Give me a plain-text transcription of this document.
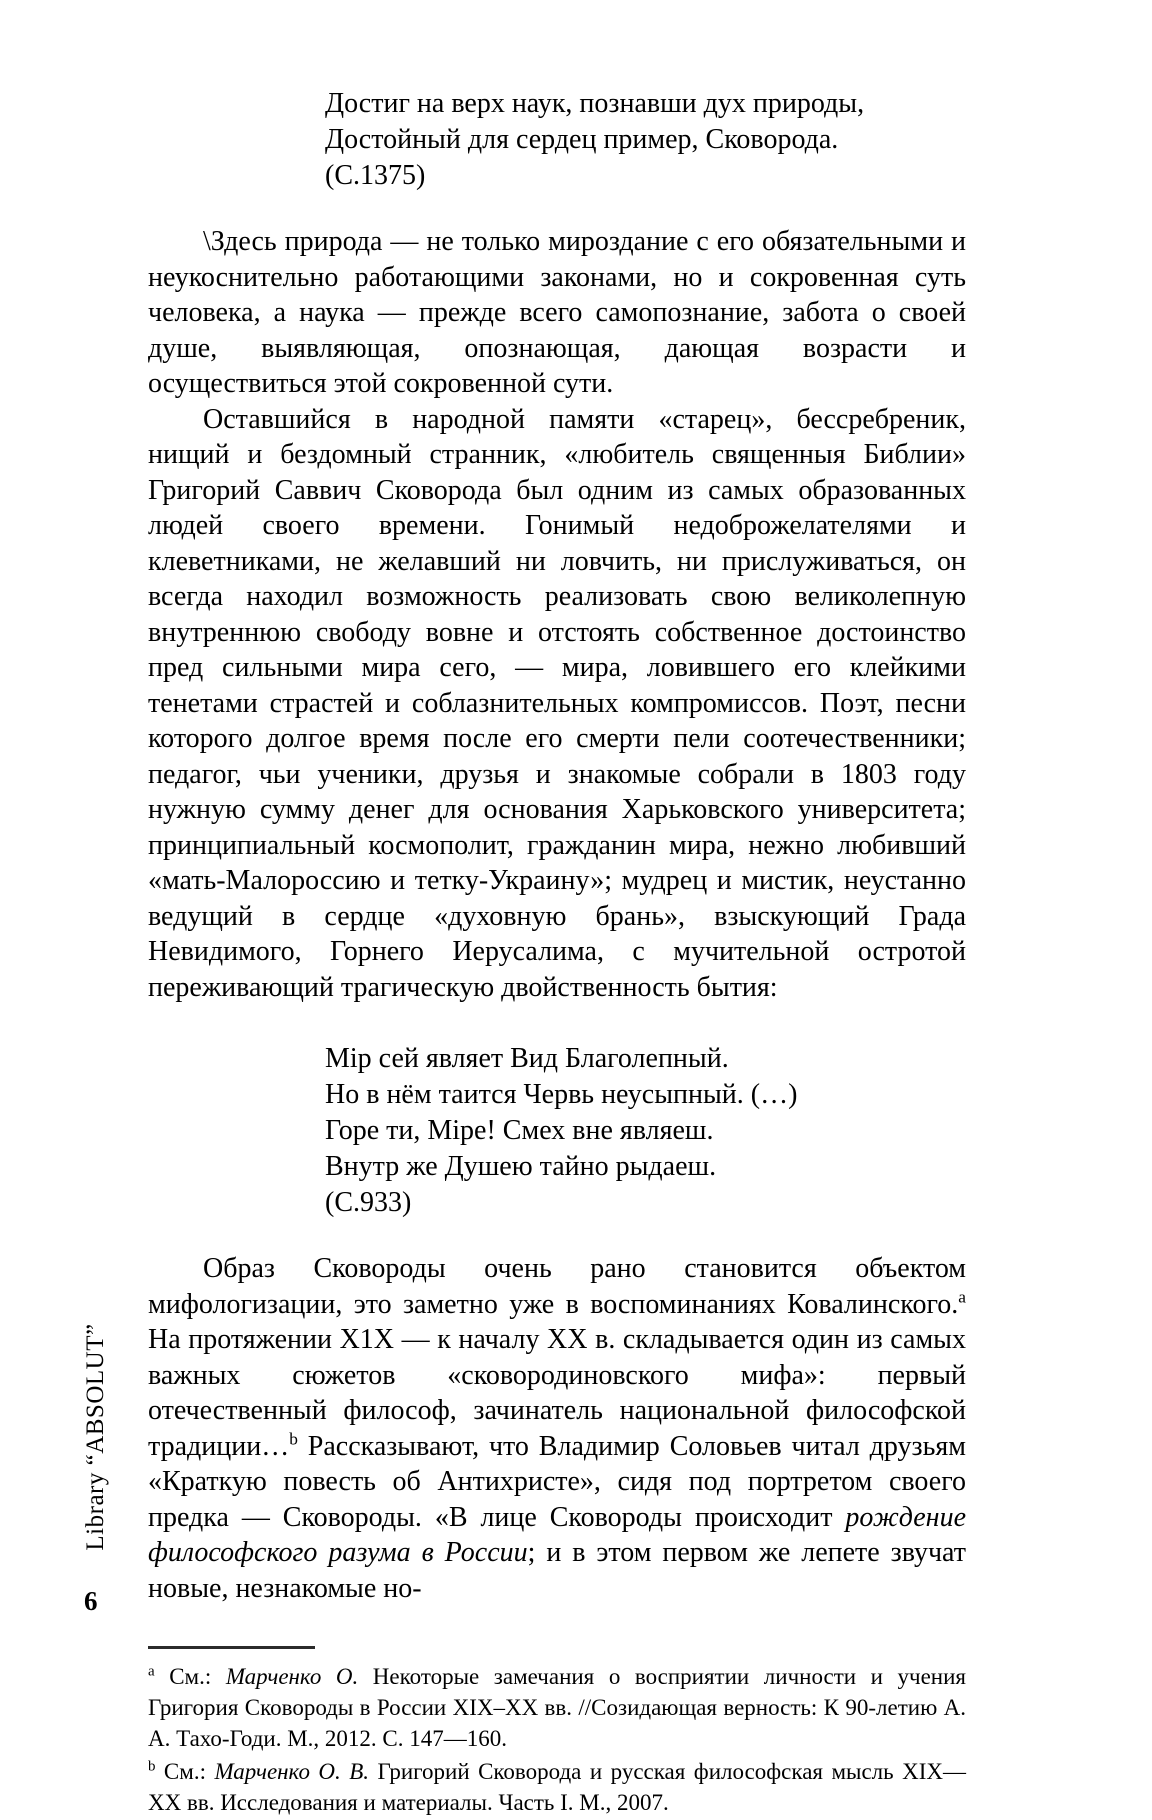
Library “ABSOLUT”
6
Достиг на верх наук, познавши дух природы,
Достойный для сердец пример, Сковорода.
(С.1375)

\Здесь природа — не только мироздание с его обязательными и неукоснительно работающими законами, но и сокровенная суть человека, а наука — прежде всего самопознание, забота о своей душе, выявляющая, опознающая, дающая возрасти и осуществиться этой сокровенной сути.

Оставшийся в народной памяти «старец», бессребреник, нищий и бездомный странник, «любитель священныя Библии» Григорий Саввич Сковорода был одним из самых образованных людей своего времени. Гонимый недоброжелателями и клеветниками, не желавший ни ловчить, ни прислуживаться, он всегда находил возможность реализовать свою великолепную внутреннюю свободу вовне и отстоять собственное достоинство пред сильными мира сего, — мира, ловившего его клейкими тенетами страстей и соблазнительных компромиссов. Поэт, песни которого долгое время после его смерти пели соотечественники; педагог, чьи ученики, друзья и знакомые собрали в 1803 году нужную сумму денег для основания Харьковского университета; принципиальный космополит, гражданин мира, нежно любивший «мать-Малороссию и тетку-Украину»; мудрец и мистик, неустанно ведущий в сердце «духовную брань», взыскующий Града Невидимого, Горнего Иерусалима, с мучительной остротой переживающий трагическую двойственность бытия:

Мір сей являет Вид Благолепный.
Но в нём таится Червь неусыпный. (…)
Горе ти, Міре! Смех вне являеш.
Внутр же Душею тайно рыдаеш.
(С.933)

Образ Сковороды очень рано становится объектом мифологизации, это заметно уже в воспоминаниях Ковалинского.$^a$ На протяжении X1X — к началу XX в. складывается один из самых важных сюжетов «сковородиновского мифа»: первый отечественный философ, зачинатель национальной философской традиции…$^b$ Рассказывают, что Владимир Соловьев читал друзьям «Краткую повесть об Антихристе», сидя под портретом своего предка — Сковороды. «В лице Сковороды происходит рождение философского разума в России; и в этом первом же лепете звучат новые, незнакомые но-

$^a$ См.: Марченко О. Некоторые замечания о восприятии личности и учения Григория Сковороды в России XIX–XX вв. //Созидающая верность: К 90-летию А. А. Тахо-Годи. М., 2012. С. 147—160.
$^b$ См.: Марченко О. В. Григорий Сковорода и русская философская мысль XIX—XX вв. Исследования и материалы. Часть I. М., 2007.
